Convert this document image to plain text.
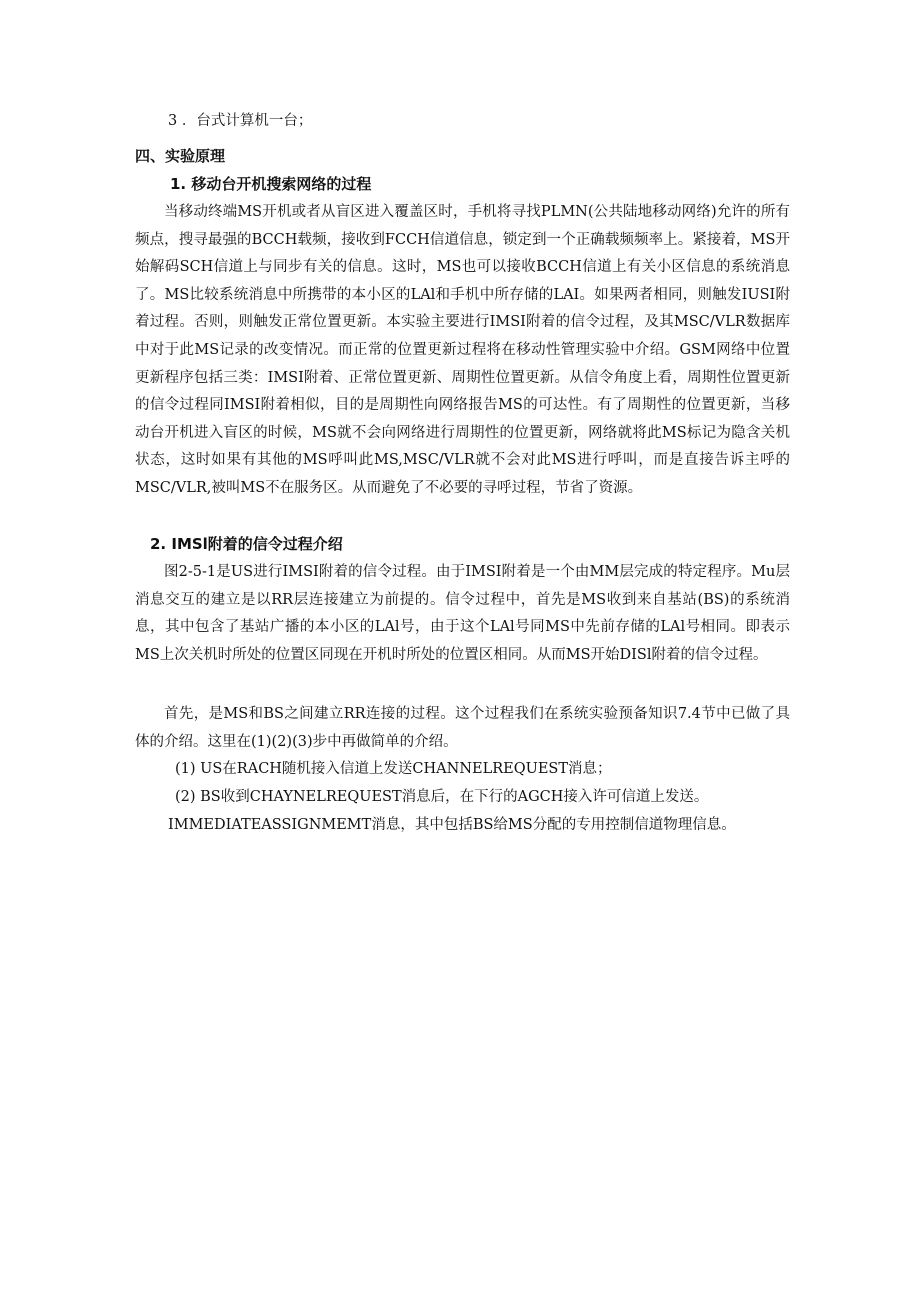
3 ．台式计算机一台；
四、实验原理
1. 移动台开机搜索网络的过程

当移动终端MS开机或者从盲区进入覆盖区时，手机将寻找PLMN(公共陆地移动网络)允许的所有频点，搜寻最强的BCCH载频，接收到FCCH信道信息，锁定到一个正确载频频率上。紧接着，MS开始解码SCH信道上与同步有关的信息。这时，MS也可以接收BCCH信道上有关小区信息的系统消息了。MS比较系统消息中所携带的本小区的LAl和手机中所存储的LAI。如果两者相同，则触发IUSI附着过程。否则，则触发正常位置更新。本实验主要进行IMSI附着的信令过程，及其MSC/VLR数据库中对于此MS记录的改变情况。而正常的位置更新过程将在移动性管理实验中介绍。GSM网络中位置更新程序包括三类：IMSI附着、正常位置更新、周期性位置更新。从信令角度上看，周期性位置更新的信令过程同IMSI附着相似，目的是周期性向网络报告MS的可达性。有了周期性的位置更新，当移动台开机进入盲区的时候，MS就不会向网络进行周期性的位置更新，网络就将此MS标记为隐含关机状态，这时如果有其他的MS呼叫此MS,MSC/VLR就不会对此MS进行呼叫，而是直接告诉主呼的MSC/VLR,被叫MS不在服务区。从而避免了不必要的寻呼过程，节省了资源。

2. IMSl附着的信令过程介绍

图2-5-1是US进行IMSI附着的信令过程。由于IMSI附着是一个由MM层完成的特定程序。Mu层消息交互的建立是以RR层连接建立为前提的。信令过程中，首先是MS收到来自基站(BS)的系统消息，其中包含了基站广播的本小区的LAl号，由于这个LAl号同MS中先前存储的LAl号相同。即表示MS上次关机时所处的位置区同现在开机时所处的位置区相同。从而MS开始DISl附着的信令过程。

首先，是MS和BS之间建立RR连接的过程。这个过程我们在系统实验预备知识7.4节中已做了具体的介绍。这里在(1)(2)(3)步中再做简单的介绍。

(1) US在RACH随机接入信道上发送CHANNELREQUEST消息；
(2) BS收到CHAYNELREQUEST消息后，在下行的AGCH接入许可信道上发送。
IMMEDIATEASSIGNMEMT消息，其中包括BS给MS分配的专用控制信道物理信息。
